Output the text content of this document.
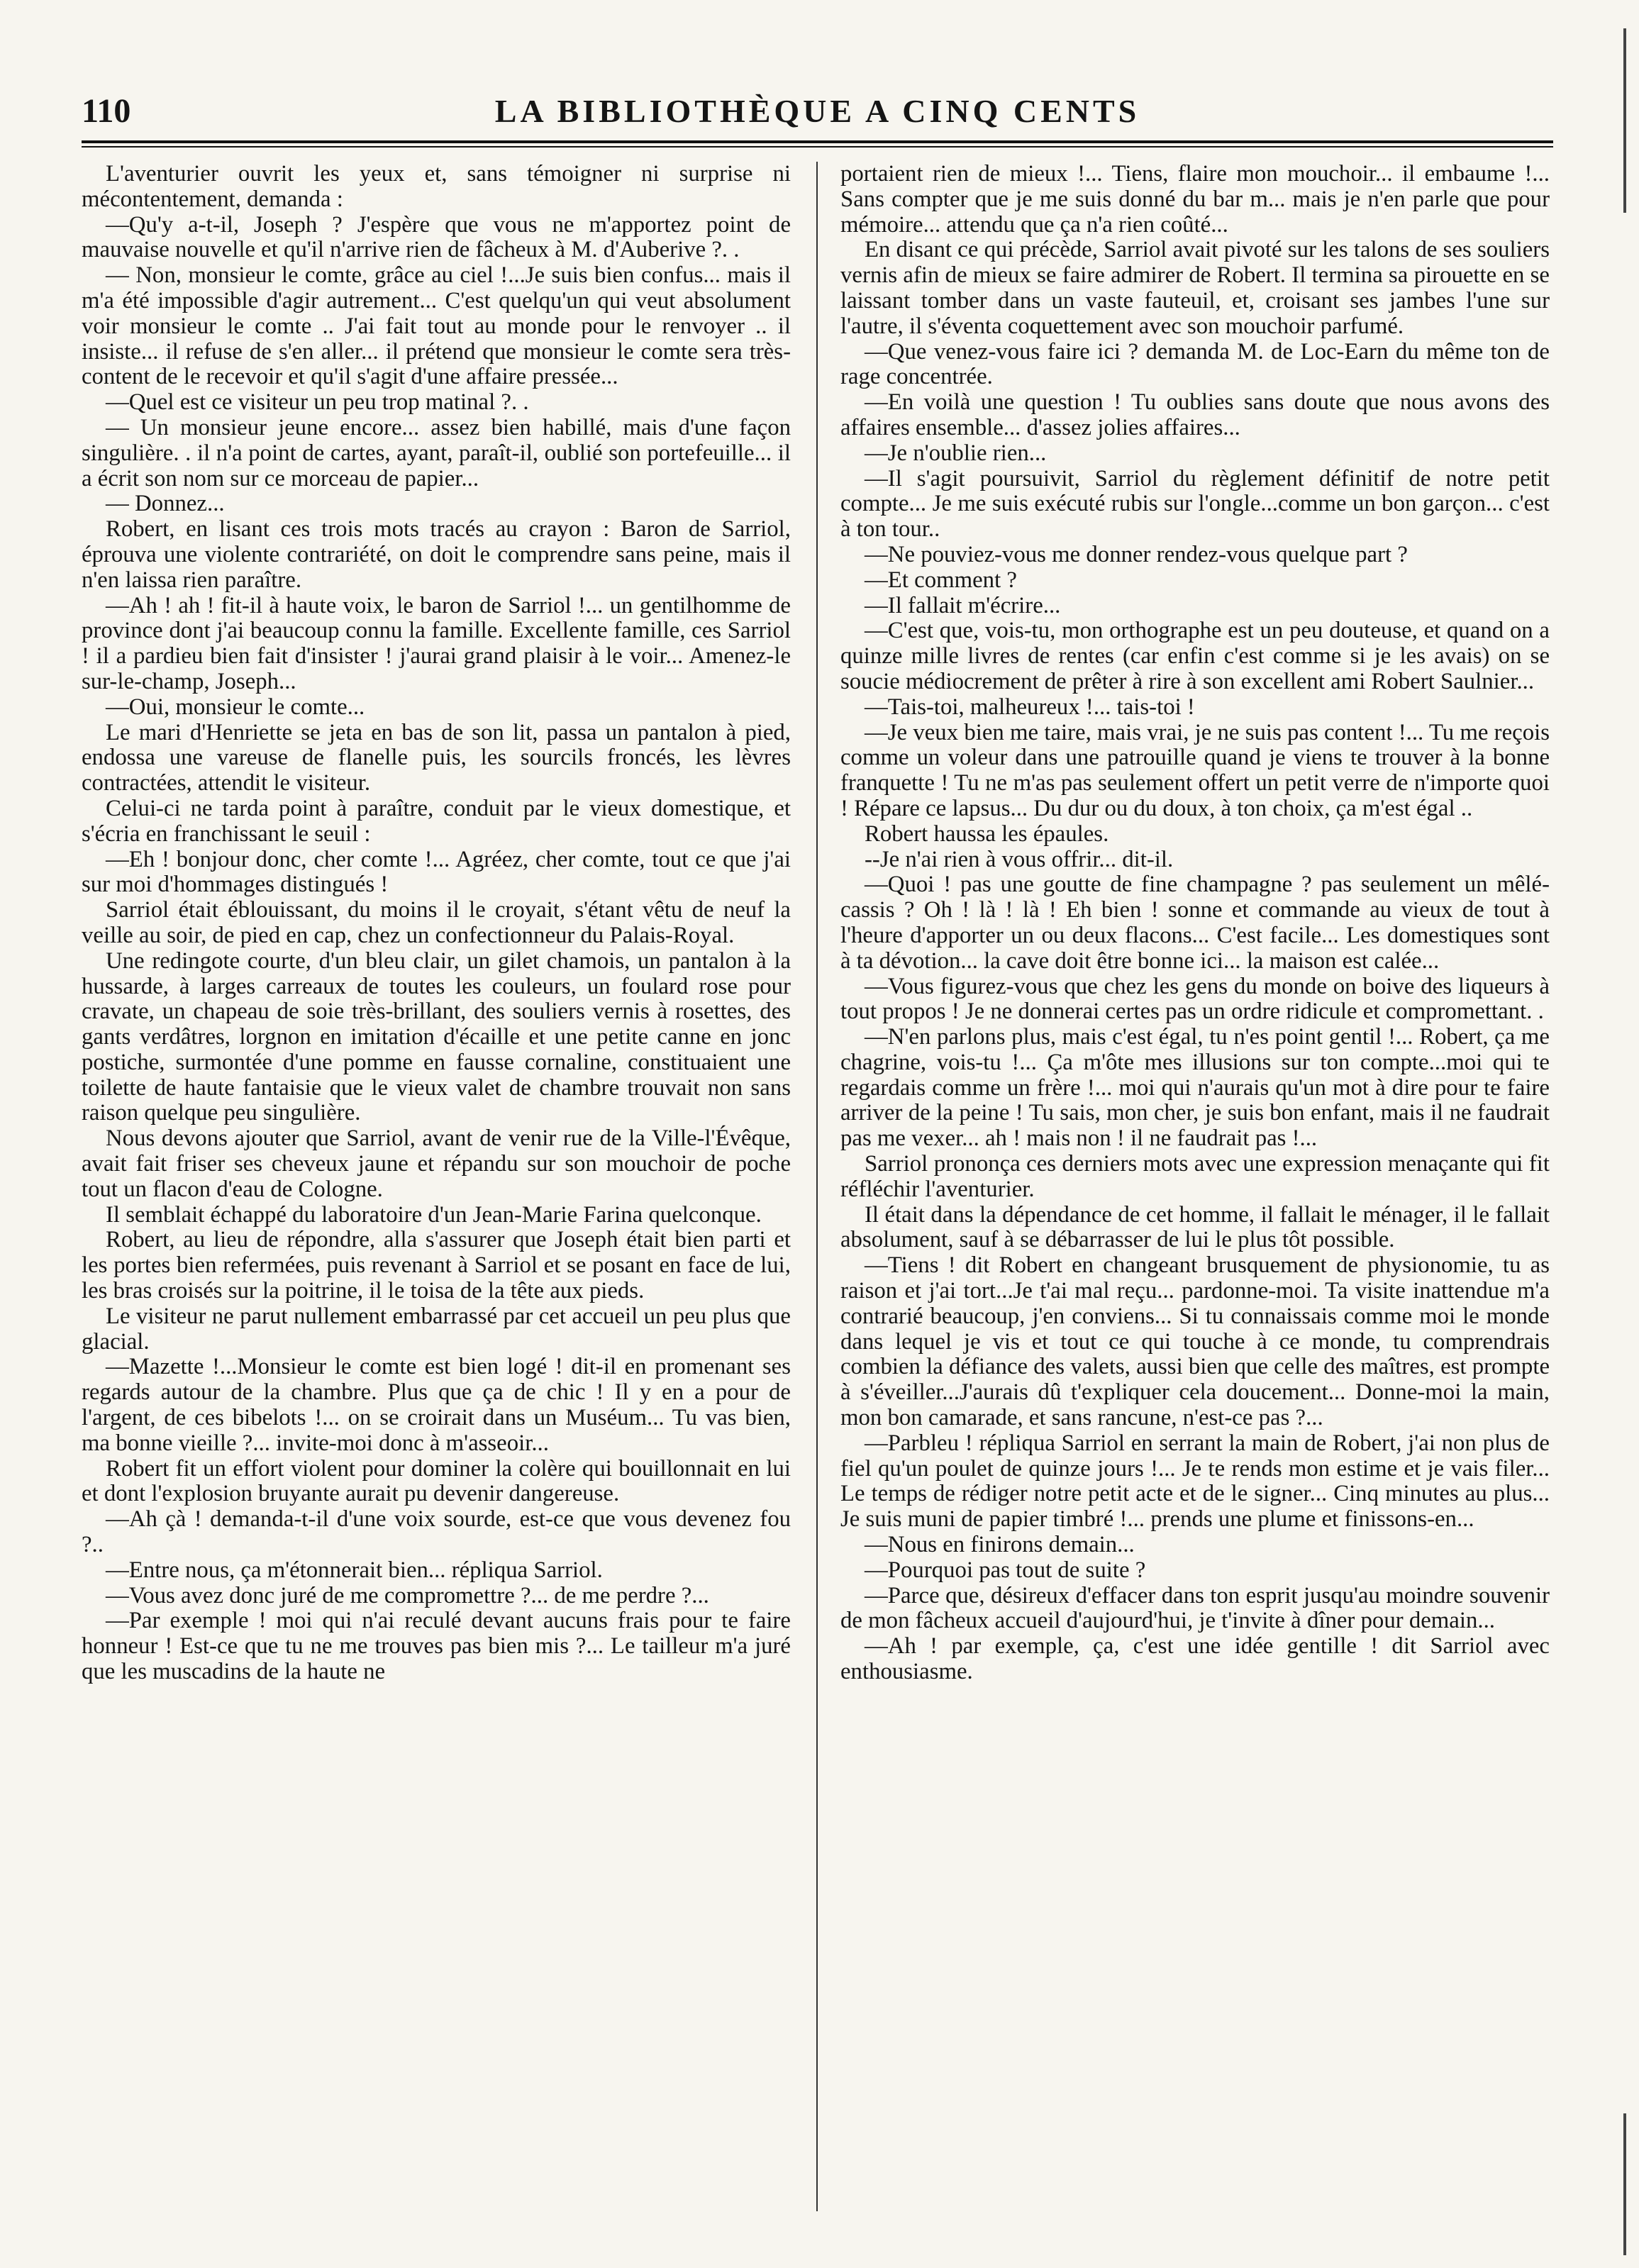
110	LA BIBLIOTHÈQUE A CINQ CENTS

L'aventurier ouvrit les yeux et, sans témoigner ni surprise ni mécontentement, demanda :

—Qu'y a-t-il, Joseph ? J'espère que vous ne m'apportez point de mauvaise nouvelle et qu'il n'arrive rien de fâcheux à M. d'Auberive ?. .

— Non, monsieur le comte, grâce au ciel !...Je suis bien confus... mais il m'a été impossible d'agir autrement... C'est quelqu'un qui veut absolument voir monsieur le comte .. J'ai fait tout au monde pour le renvoyer .. il insiste... il refuse de s'en aller... il prétend que monsieur le comte sera très-content de le recevoir et qu'il s'agit d'une affaire pressée...

—Quel est ce visiteur un peu trop matinal ?. .

— Un monsieur jeune encore... assez bien habillé, mais d'une façon singulière. . il n'a point de cartes, ayant, paraît-il, oublié son portefeuille... il a écrit son nom sur ce morceau de papier...

— Donnez...

Robert, en lisant ces trois mots tracés au crayon : Baron de Sarriol, éprouva une violente contrariété, on doit le comprendre sans peine, mais il n'en laissa rien paraître.

—Ah ! ah ! fit-il à haute voix, le baron de Sarriol !... un gentilhomme de province dont j'ai beaucoup connu la famille. Excellente famille, ces Sarriol ! il a pardieu bien fait d'insister ! j'aurai grand plaisir à le voir... Amenez-le sur-le-champ, Joseph...

—Oui, monsieur le comte...

Le mari d'Henriette se jeta en bas de son lit, passa un pantalon à pied, endossa une vareuse de flanelle puis, les sourcils froncés, les lèvres contractées, attendit le visiteur.

Celui-ci ne tarda point à paraître, conduit par le vieux domestique, et s'écria en franchissant le seuil :

—Eh ! bonjour donc, cher comte !... Agréez, cher comte, tout ce que j'ai sur moi d'hommages distingués !

Sarriol était éblouissant, du moins il le croyait, s'étant vêtu de neuf la veille au soir, de pied en cap, chez un confectionneur du Palais-Royal.

Une redingote courte, d'un bleu clair, un gilet chamois, un pantalon à la hussarde, à larges carreaux de toutes les couleurs, un foulard rose pour cravate, un chapeau de soie très-brillant, des souliers vernis à rosettes, des gants verdâtres, lorgnon en imitation d'écaille et une petite canne en jonc postiche, surmontée d'une pomme en fausse cornaline, constituaient une toilette de haute fantaisie que le vieux valet de chambre trouvait non sans raison quelque peu singulière.

Nous devons ajouter que Sarriol, avant de venir rue de la Ville-l'Évêque, avait fait friser ses cheveux jaune et répandu sur son mouchoir de poche tout un flacon d'eau de Cologne.

Il semblait échappé du laboratoire d'un Jean-Marie Farina quelconque.

Robert, au lieu de répondre, alla s'assurer que Joseph était bien parti et les portes bien refermées, puis revenant à Sarriol et se posant en face de lui, les bras croisés sur la poitrine, il le toisa de la tête aux pieds.

Le visiteur ne parut nullement embarrassé par cet accueil un peu plus que glacial.

—Mazette !...Monsieur le comte est bien logé ! dit-il en promenant ses regards autour de la chambre. Plus que ça de chic ! Il y en a pour de l'argent, de ces bibelots !... on se croirait dans un Muséum... Tu vas bien, ma bonne vieille ?... invite-moi donc à m'asseoir...

Robert fit un effort violent pour dominer la colère qui bouillonnait en lui et dont l'explosion bruyante aurait pu devenir dangereuse.

—Ah çà ! demanda-t-il d'une voix sourde, est-ce que vous devenez fou ?..

—Entre nous, ça m'étonnerait bien... répliqua Sarriol.

—Vous avez donc juré de me compromettre ?... de me perdre ?...

—Par exemple ! moi qui n'ai reculé devant aucuns frais pour te faire honneur ! Est-ce que tu ne me trouves pas bien mis ?... Le tailleur m'a juré que les muscadins de la haute ne

portaient rien de mieux !... Tiens, flaire mon mouchoir... il embaume !... Sans compter que je me suis donné du bar m... mais je n'en parle que pour mémoire... attendu que ça n'a rien coûté...

En disant ce qui précède, Sarriol avait pivoté sur les talons de ses souliers vernis afin de mieux se faire admirer de Robert. Il termina sa pirouette en se laissant tomber dans un vaste fauteuil, et, croisant ses jambes l'une sur l'autre, il s'éventa coquettement avec son mouchoir parfumé.

—Que venez-vous faire ici ? demanda M. de Loc-Earn du même ton de rage concentrée.

—En voilà une question ! Tu oublies sans doute que nous avons des affaires ensemble... d'assez jolies affaires...

—Je n'oublie rien...

—Il s'agit poursuivit, Sarriol du règlement définitif de notre petit compte... Je me suis exécuté rubis sur l'ongle...comme un bon garçon... c'est à ton tour..

—Ne pouviez-vous me donner rendez-vous quelque part ?

—Et comment ?

—Il fallait m'écrire...

—C'est que, vois-tu, mon orthographe est un peu douteuse, et quand on a quinze mille livres de rentes (car enfin c'est comme si je les avais) on se soucie médiocrement de prêter à rire à son excellent ami Robert Saulnier...

—Tais-toi, malheureux !... tais-toi !

—Je veux bien me taire, mais vrai, je ne suis pas content !... Tu me reçois comme un voleur dans une patrouille quand je viens te trouver à la bonne franquette ! Tu ne m'as pas seulement offert un petit verre de n'importe quoi ! Répare ce lapsus... Du dur ou du doux, à ton choix, ça m'est égal ..

Robert haussa les épaules.

--Je n'ai rien à vous offrir... dit-il.

—Quoi ! pas une goutte de fine champagne ? pas seulement un mêlé-cassis ? Oh ! là ! là ! Eh bien ! sonne et commande au vieux de tout à l'heure d'apporter un ou deux flacons... C'est facile... Les domestiques sont à ta dévotion... la cave doit être bonne ici... la maison est calée...

—Vous figurez-vous que chez les gens du monde on boive des liqueurs à tout propos ! Je ne donnerai certes pas un ordre ridicule et compromettant. .

—N'en parlons plus, mais c'est égal, tu n'es point gentil !... Robert, ça me chagrine, vois-tu !... Ça m'ôte mes illusions sur ton compte...moi qui te regardais comme un frère !... moi qui n'aurais qu'un mot à dire pour te faire arriver de la peine ! Tu sais, mon cher, je suis bon enfant, mais il ne faudrait pas me vexer... ah ! mais non ! il ne faudrait pas !...

Sarriol prononça ces derniers mots avec une expression menaçante qui fit réfléchir l'aventurier.

Il était dans la dépendance de cet homme, il fallait le ménager, il le fallait absolument, sauf à se débarrasser de lui le plus tôt possible.

—Tiens ! dit Robert en changeant brusquement de physionomie, tu as raison et j'ai tort...Je t'ai mal reçu... pardonne-moi. Ta visite inattendue m'a contrarié beaucoup, j'en conviens... Si tu connaissais comme moi le monde dans lequel je vis et tout ce qui touche à ce monde, tu comprendrais combien la défiance des valets, aussi bien que celle des maîtres, est prompte à s'éveiller...J'aurais dû t'expliquer cela doucement... Donne-moi la main, mon bon camarade, et sans rancune, n'est-ce pas ?...

—Parbleu ! répliqua Sarriol en serrant la main de Robert, j'ai non plus de fiel qu'un poulet de quinze jours !... Je te rends mon estime et je vais filer... Le temps de rédiger notre petit acte et de le signer... Cinq minutes au plus... Je suis muni de papier timbré !... prends une plume et finissons-en...

—Nous en finirons demain...

—Pourquoi pas tout de suite ?

—Parce que, désireux d'effacer dans ton esprit jusqu'au moindre souvenir de mon fâcheux accueil d'aujourd'hui, je t'invite à dîner pour demain...

—Ah ! par exemple, ça, c'est une idée gentille ! dit Sarriol avec enthousiasme.
